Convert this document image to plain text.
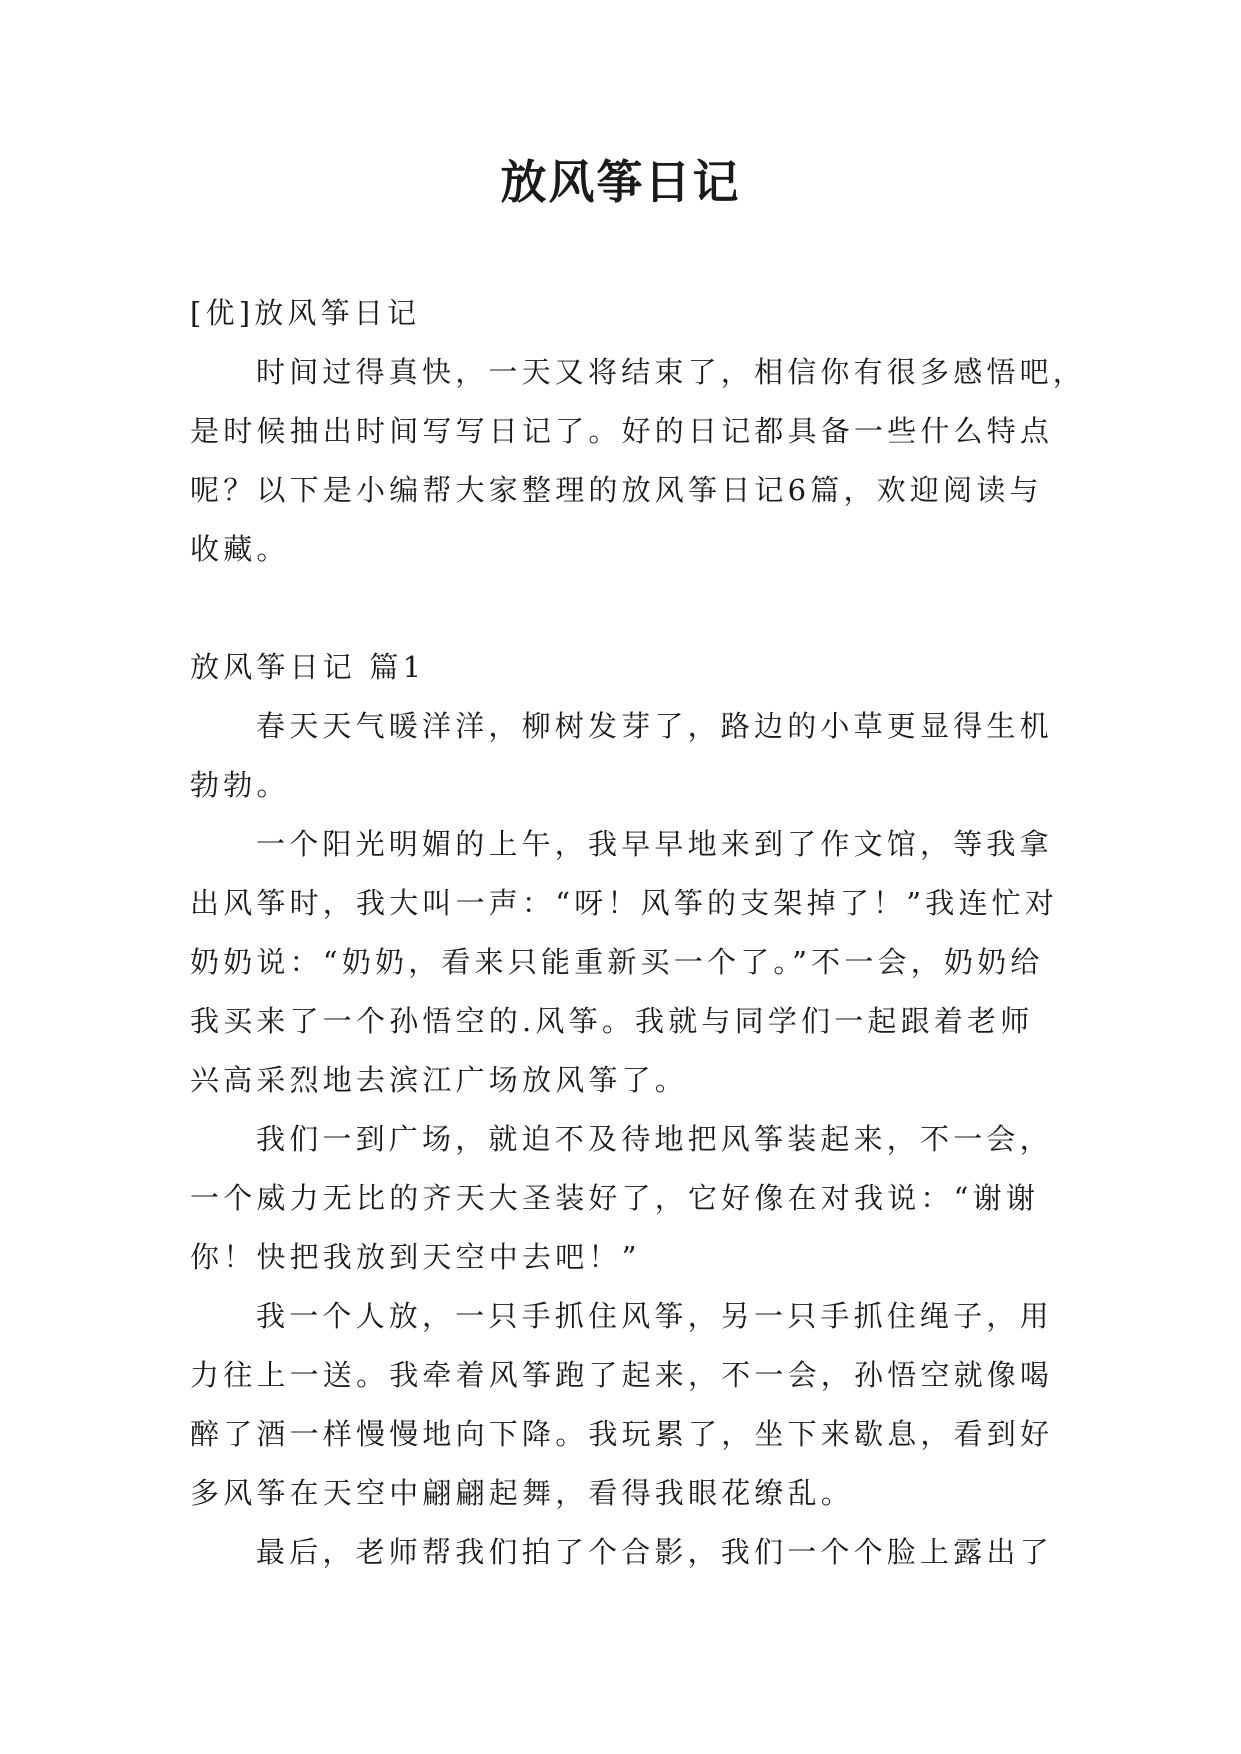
放风筝日记

[优]放风筝日记

时间过得真快，一天又将结束了，相信你有很多感悟吧，

是时候抽出时间写写日记了。好的日记都具备一些什么特点

呢？以下是小编帮大家整理的放风筝日记6篇，欢迎阅读与

收藏。

放风筝日记 篇1

春天天气暖洋洋，柳树发芽了，路边的小草更显得生机

勃勃。

一个阳光明媚的上午，我早早地来到了作文馆，等我拿

出风筝时，我大叫一声：“呀！风筝的支架掉了！”我连忙对

奶奶说：“奶奶，看来只能重新买一个了。”不一会，奶奶给

我买来了一个孙悟空的.风筝。我就与同学们一起跟着老师

兴高采烈地去滨江广场放风筝了。

我们一到广场，就迫不及待地把风筝装起来，不一会，

一个威力无比的齐天大圣装好了，它好像在对我说：“谢谢

你！快把我放到天空中去吧！”

我一个人放，一只手抓住风筝，另一只手抓住绳子，用

力往上一送。我牵着风筝跑了起来，不一会，孙悟空就像喝

醉了酒一样慢慢地向下降。我玩累了，坐下来歇息，看到好

多风筝在天空中翩翩起舞，看得我眼花缭乱。

最后，老师帮我们拍了个合影，我们一个个脸上露出了
